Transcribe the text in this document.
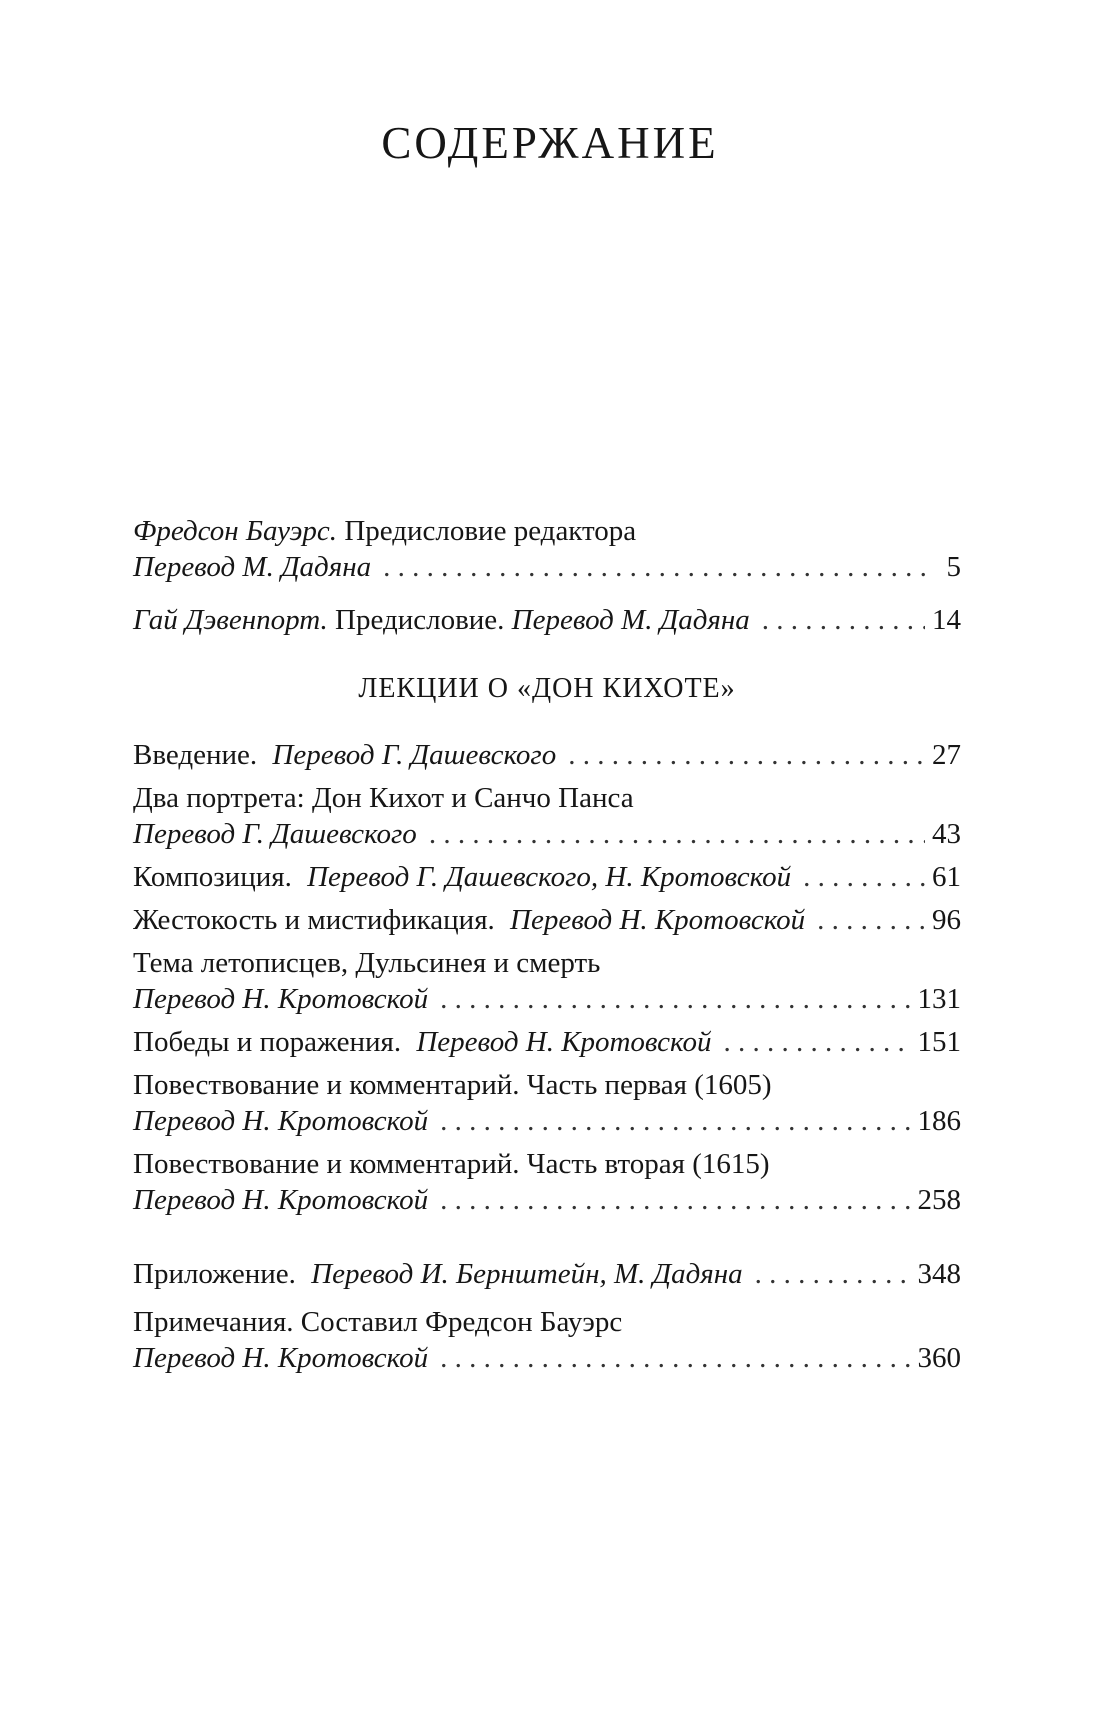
СОДЕРЖАНИЕ
Фредсон Бауэрс. Предисловие редактора
Перевод М. Дадяна . . .	5
Гай Дэвенпорт. Предисловие. Перевод М. Дадяна . . .	14
ЛЕКЦИИ О «ДОН КИХОТЕ»
Введение. Перевод Г. Дашевского . . .	27
Два портрета: Дон Кихот и Санчо Панса
Перевод Г. Дашевского . . .	43
Композиция. Перевод Г. Дашевского, Н. Кротовской . . .	61
Жестокость и мистификация. Перевод Н. Кротовской . . .	96
Тема летописцев, Дульсинея и смерть
Перевод Н. Кротовской . . .	131
Победы и поражения. Перевод Н. Кротовской . . .	151
Повествование и комментарий. Часть первая (1605)
Перевод Н. Кротовской . . .	186
Повествование и комментарий. Часть вторая (1615)
Перевод Н. Кротовской . . .	258
Приложение. Перевод И. Бернштейн, М. Дадяна . . .	348
Примечания. Составил Фредсон Бауэрс
Перевод Н. Кротовской . . .	360
